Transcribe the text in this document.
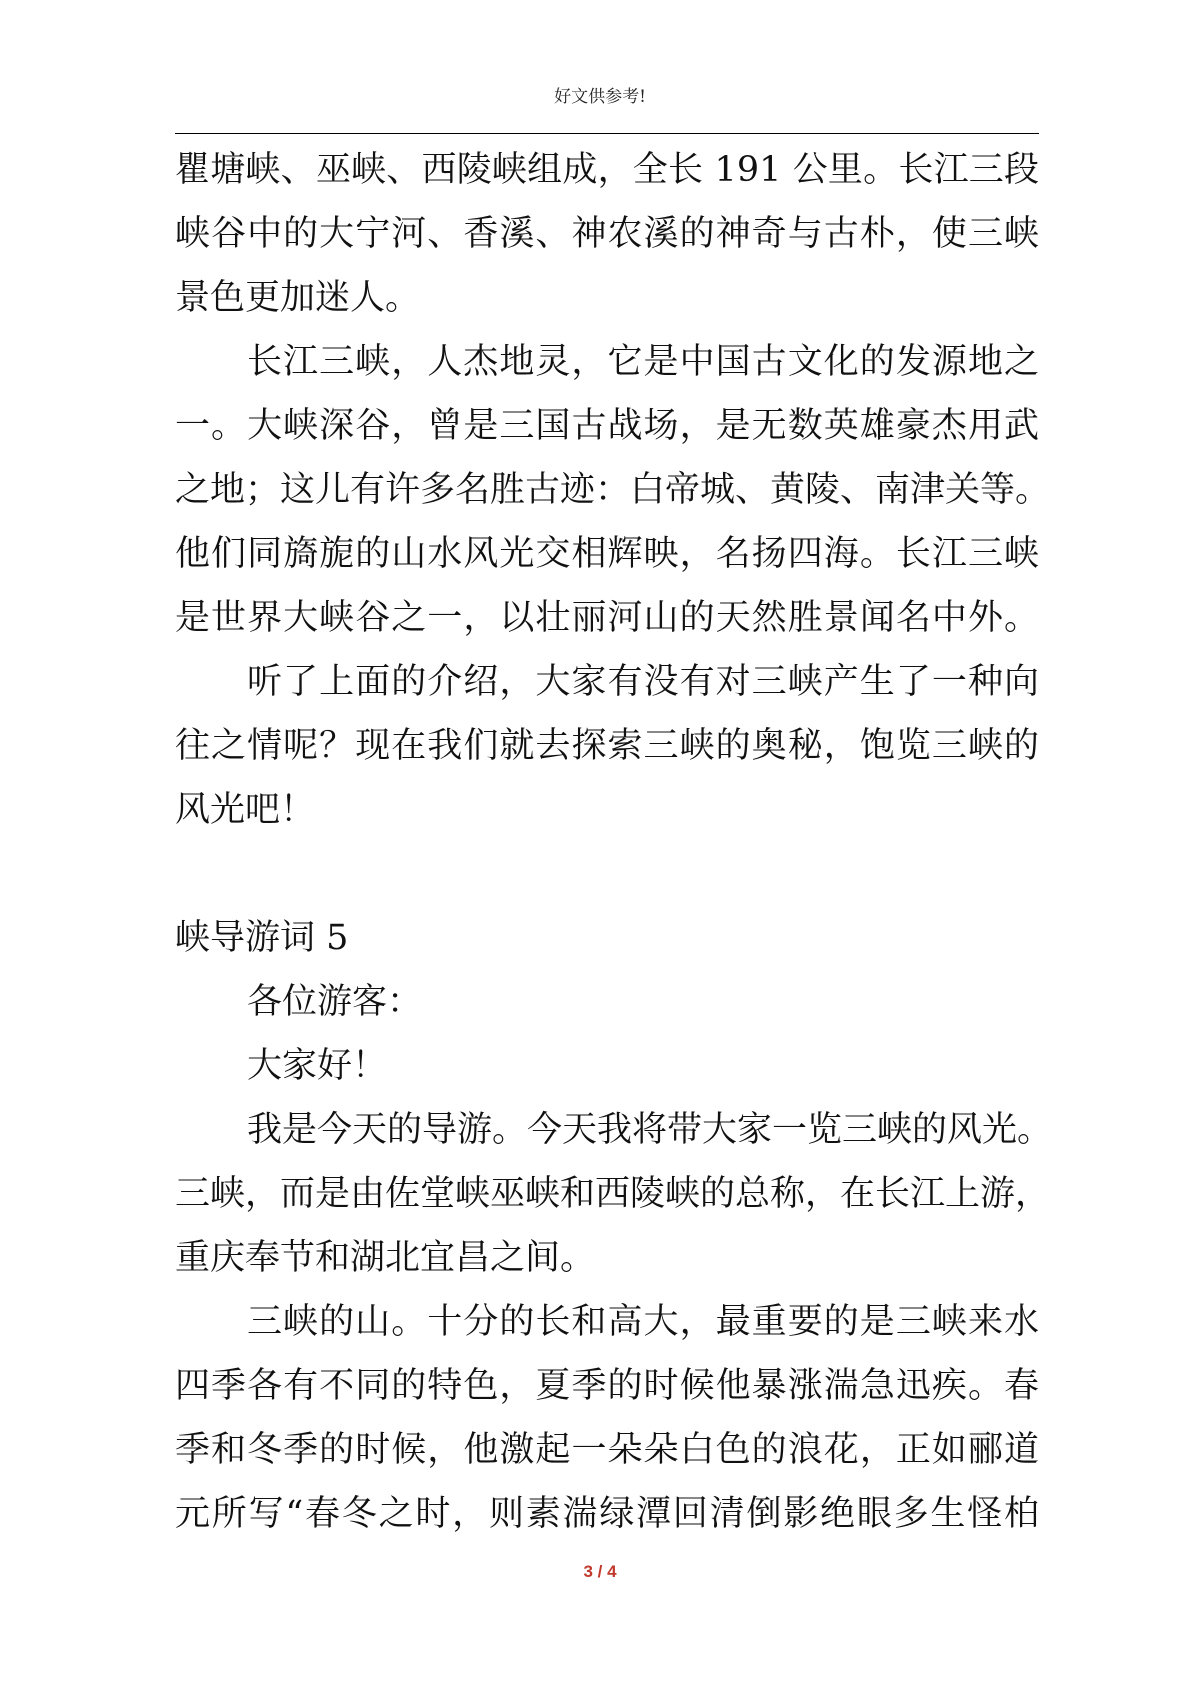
好文供参考!
瞿塘峡、巫峡、西陵峡组成，全长 191 公里。长江三段
峡谷中的大宁河、香溪、神农溪的神奇与古朴，使三峡
景色更加迷人。
长江三峡，人杰地灵，它是中国古文化的发源地之
一。大峡深谷，曾是三国古战场，是无数英雄豪杰用武
之地；这儿有许多名胜古迹：白帝城、黄陵、南津关等。
他们同旖旎的山水风光交相辉映，名扬四海。长江三峡
是世界大峡谷之一，以壮丽河山的天然胜景闻名中外。
听了上面的介绍，大家有没有对三峡产生了一种向
往之情呢？现在我们就去探索三峡的奥秘，饱览三峡的
风光吧！
峡导游词 5
各位游客：
大家好！
我是今天的导游。今天我将带大家一览三峡的风光。
三峡，而是由佐堂峡巫峡和西陵峡的总称，在长江上游，
重庆奉节和湖北宜昌之间。
三峡的山。十分的长和高大，最重要的是三峡来水
四季各有不同的特色，夏季的时候他暴涨湍急迅疾。春
季和冬季的时候，他激起一朵朵白色的浪花，正如郦道
元所写“春冬之时，则素湍绿潭回清倒影绝眼多生怪柏
3 / 4
